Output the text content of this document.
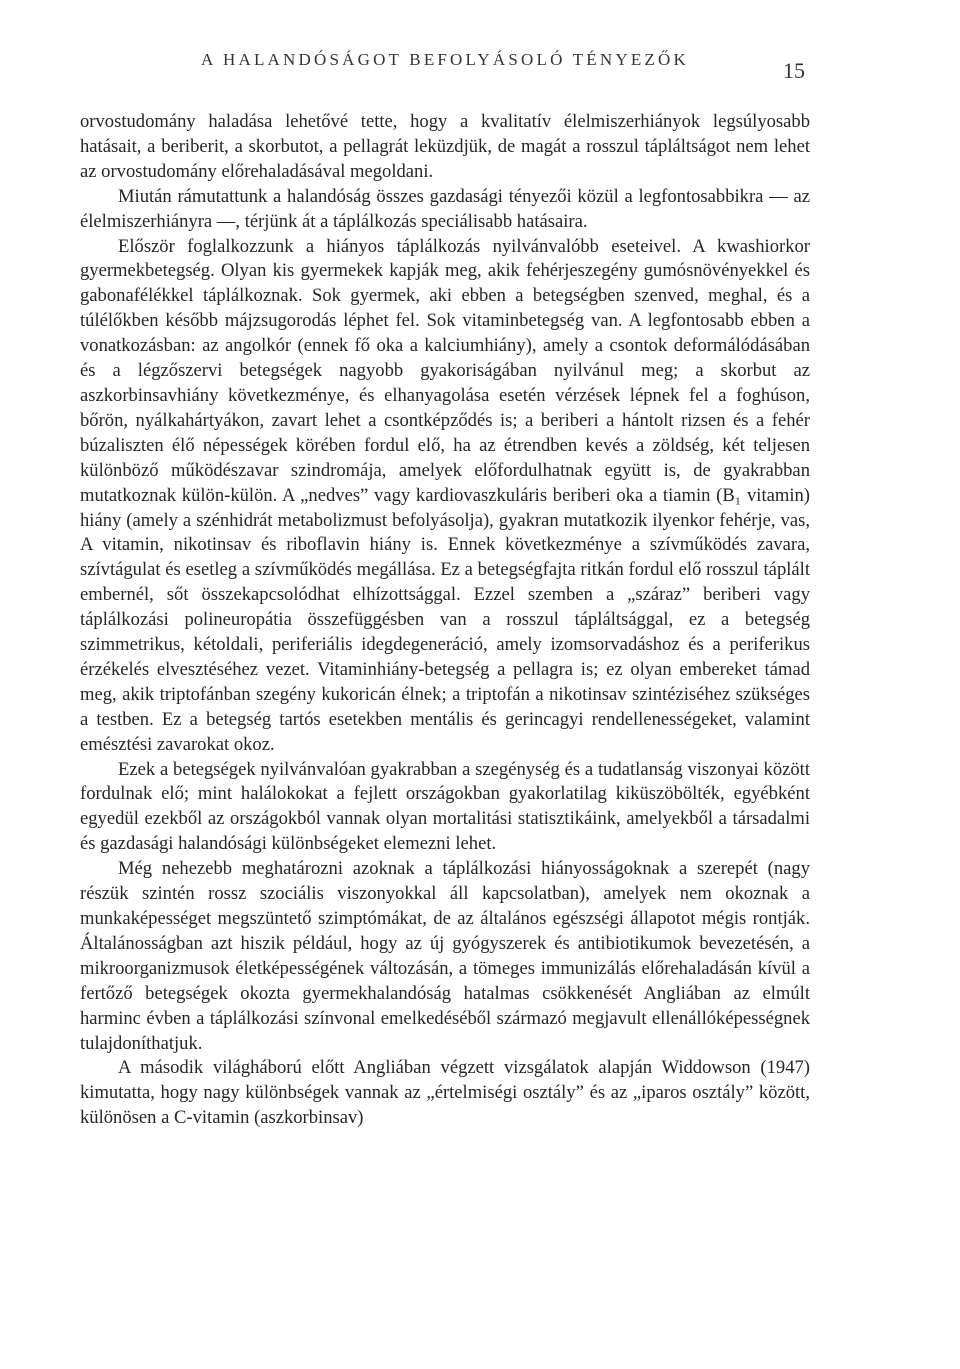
A HALANDÓSÁGOT BEFOLYÁSOLÓ TÉNYEZŐK	15

orvostudomány haladása lehetővé tette, hogy a kvalitatív élelmiszerhiányok legsúlyosabb hatásait, a beriberit, a skorbutot, a pellagrát leküzdjük, de magát a rosszul tápláltságot nem lehet az orvostudomány előrehaladásával megoldani.

Miután rámutattunk a halandóság összes gazdasági tényezői közül a legfontosabbikra — az élelmiszerhiányra —, térjünk át a táplálkozás speciálisabb hatásaira.

Először foglalkozzunk a hiányos táplálkozás nyilvánvalóbb eseteivel. A kwashiorkor gyermekbetegség. Olyan kis gyermekek kapják meg, akik fehérjeszegény gumósnövényekkel és gabonafélékkel táplálkoznak. Sok gyermek, aki ebben a betegségben szenved, meghal, és a túlélőkben később májzsugorodás léphet fel. Sok vitaminbetegség van. A legfontosabb ebben a vonatkozásban: az angolkór (ennek fő oka a kalciumhiány), amely a csontok deformálódásában és a légzőszervi betegségek nagyobb gyakoriságában nyilvánul meg; a skorbut az aszkorbinsavhiány következménye, és elhanyagolása esetén vérzések lépnek fel a foghúson, bőrön, nyálkahártyákon, zavart lehet a csontképződés is; a beriberi a hántolt rizsen és a fehér búzaliszten élő népességek körében fordul elő, ha az étrendben kevés a zöldség, két teljesen különböző működészavar szindromája, amelyek előfordulhatnak együtt is, de gyakrabban mutatkoznak külön-külön. A „nedves” vagy kardiovaszkuláris beriberi oka a tiamin (B₁ vitamin) hiány (amely a szénhidrát metabolizmust befolyásolja), gyakran mutatkozik ilyenkor fehérje, vas, A vitamin, nikotinsav és riboflavin hiány is. Ennek következménye a szívműködés zavara, szívtágulat és esetleg a szívműködés megállása. Ez a betegségfajta ritkán fordul elő rosszul táplált embernél, sőt összekapcsolódhat elhízottsággal. Ezzel szemben a „száraz” beriberi vagy táplálkozási polineuropátia összefüggésben van a rosszul tápláltsággal, ez a betegség szimmetrikus, kétoldali, periferiális idegdegeneráció, amely izomsorvadáshoz és a periferikus érzékelés elvesztéséhez vezet. Vitaminhiány-betegség a pellagra is; ez olyan embereket támad meg, akik triptofánban szegény kukoricán élnek; a triptofán a nikotinsav szintéziséhez szükséges a testben. Ez a betegség tartós esetekben mentális és gerincagyi rendellenességeket, valamint emésztési zavarokat okoz.

Ezek a betegségek nyilvánvalóan gyakrabban a szegénység és a tudatlanság viszonyai között fordulnak elő; mint halálokokat a fejlett országokban gyakorlatilag kiküszöbölték, egyébként egyedül ezekből az országokból vannak olyan mortalitási statisztikáink, amelyekből a társadalmi és gazdasági halandósági különbségeket elemezni lehet.

Még nehezebb meghatározni azoknak a táplálkozási hiányosságoknak a szerepét (nagy részük szintén rossz szociális viszonyokkal áll kapcsolatban), amelyek nem okoznak a munkaképességet megszüntető szimptómákat, de az általános egészségi állapotot mégis rontják. Általánosságban azt hiszik például, hogy az új gyógyszerek és antibiotikumok bevezetésén, a mikroorganizmusok életképességének változásán, a tömeges immunizálás előrehaladásán kívül a fertőző betegségek okozta gyermekhalandóság hatalmas csökkenését Angliában az elmúlt harminc évben a táplálkozási színvonal emelkedéséből származó megjavult ellenállóképességnek tulajdoníthatjuk.

A második világháború előtt Angliában végzett vizsgálatok alapján Widdowson (1947) kimutatta, hogy nagy különbségek vannak az „értelmiségi osztály” és az „iparos osztály” között, különösen a C-vitamin (aszkorbinsav)
